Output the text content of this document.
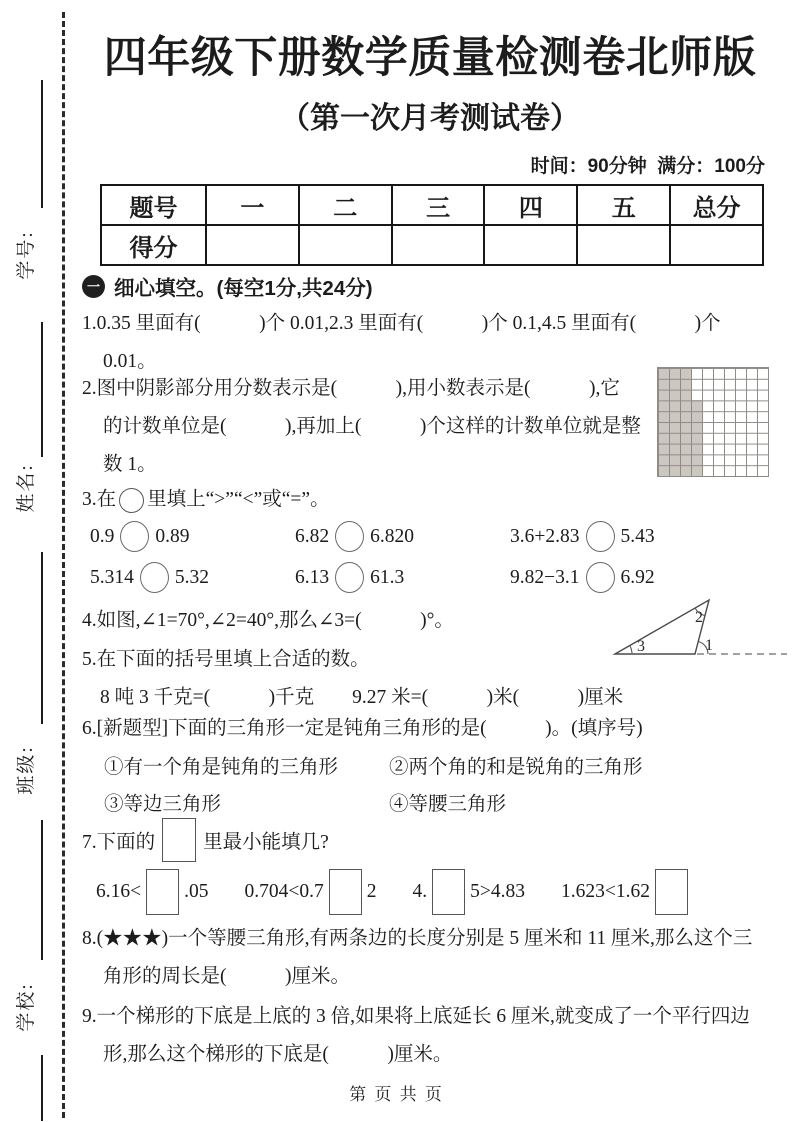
学号:
姓名:
班级:
学校:
四年级下册数学质量检测卷北师版
（第一次月考测试卷）
时间：90分钟  满分：100分
题号	一	二	三	四	五	总分
得分						
一 细心填空。(每空1分,共24分)
1.0.35 里面有(　　　)个 0.01,2.3 里面有(　　　)个 0.1,4.5 里面有(　　　)个
0.01。
2.图中阴影部分用分数表示是(　　　),用小数表示是(　　　),它
的计数单位是(　　　),再加上(　　　)个这样的计数单位就是整
数 1。
3.在 里填上“>”“<”或“=”。
0.9 0.89	6.82 6.820	3.6+2.83 5.43
5.314 5.32	6.13 61.3	9.82−3.1 6.92
4.如图,∠1=70°,∠2=40°,那么∠3=(　　　)°。
3
2
1
5.在下面的括号里填上合适的数。
8 吨 3 千克=(　　　)千克 9.27 米=(　　　)米(　　　)厘米
6.[新题型]下面的三角形一定是钝角三角形的是(　　　)。(填序号)
①有一个角是钝角的三角形	②两个角的和是锐角的三角形
③等边三角形	④等腰三角形
7.下面的 里最小能填几?
6.16< .05 0.704<0.7 2 4. 5>4.83 1.623<1.62
8.(★★★)一个等腰三角形,有两条边的长度分别是 5 厘米和 11 厘米,那么这个三
角形的周长是(　　　)厘米。
9.一个梯形的下底是上底的 3 倍,如果将上底延长 6 厘米,就变成了一个平行四边
形,那么这个梯形的下底是(　　　)厘米。
第 页 共 页
